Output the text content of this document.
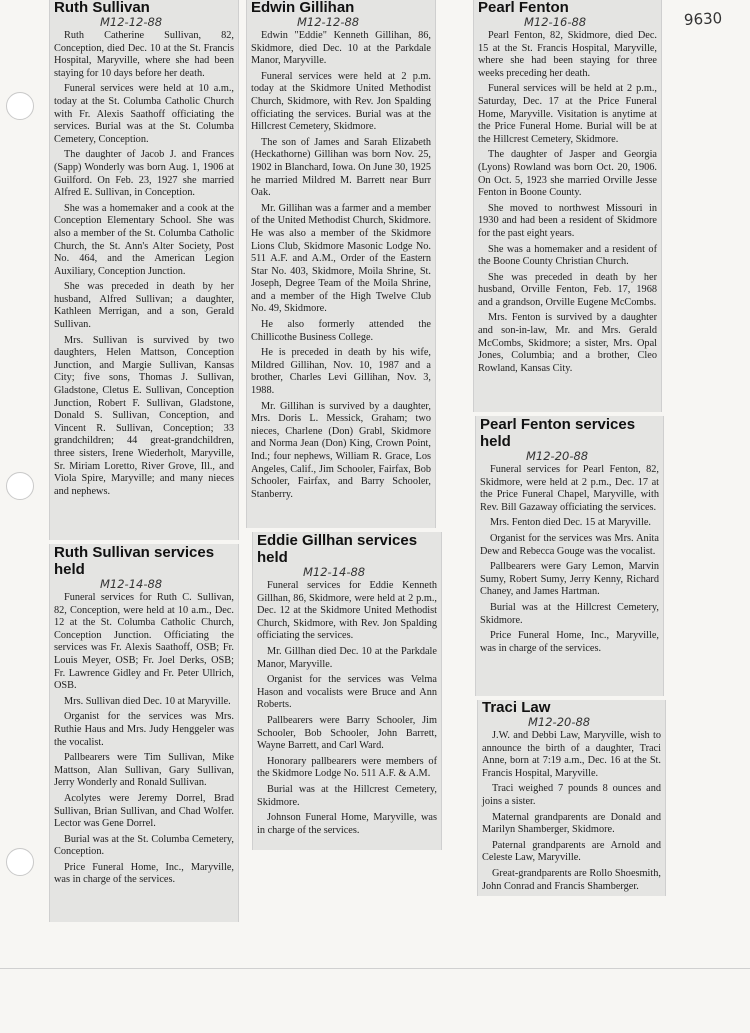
9630
Ruth Sullivan
M12-12-88

Ruth Catherine Sullivan, 82, Conception, died Dec. 10 at the St. Francis Hospital, Maryville, where she had been staying for 10 days before her death.

Funeral services were held at 10 a.m., today at the St. Columba Catholic Church with Fr. Alexis Saathoff officiating the services. Burial was at the St. Columba Cemetery, Conception.

The daughter of Jacob J. and Frances (Sapp) Wonderly was born Aug. 1, 1906 at Guilford. On Feb. 23, 1927 she married Alfred E. Sullivan, in Conception.

She was a homemaker and a cook at the Conception Elementary School. She was also a member of the St. Columba Catholic Church, the St. Ann's Alter Society, Post No. 464, and the American Legion Auxiliary, Conception Junction.

She was preceded in death by her husband, Alfred Sullivan; a daughter, Kathleen Merrigan, and a son, Gerald Sullivan.

Mrs. Sullivan is survived by two daughters, Helen Mattson, Conception Junction, and Margie Sullivan, Kansas City; five sons, Thomas J. Sullivan, Gladstone, Cletus E. Sullivan, Conception Junction, Robert F. Sullivan, Gladstone, Donald S. Sullivan, Conception, and Vincent R. Sullivan, Conception; 33 grandchildren; 44 great-grandchildren, three sisters, Irene Wiederholt, Maryville, Sr. Miriam Loretto, River Grove, Ill., and Viola Spire, Maryville; and many nieces and nephews.

Ruth Sullivan services held
M12-14-88

Funeral services for Ruth C. Sullivan, 82, Conception, were held at 10 a.m., Dec. 12 at the St. Columba Catholic Church, Conception Junction. Officiating the services was Fr. Alexis Saathoff, OSB; Fr. Louis Meyer, OSB; Fr. Joel Derks, OSB; Fr. Lawrence Gidley and Fr. Peter Ullrich, OSB.

Mrs. Sullivan died Dec. 10 at Maryville.

Organist for the services was Mrs. Ruthie Haus and Mrs. Judy Henggeler was the vocalist.

Pallbearers were Tim Sullivan, Mike Mattson, Alan Sullivan, Gary Sullivan, Jerry Wonderly and Ronald Sullivan.

Acolytes were Jeremy Dorrel, Brad Sullivan, Brian Sullivan, and Chad Wolfer. Lector was Gene Dorrel.

Burial was at the St. Columba Cemetery, Conception.

Price Funeral Home, Inc., Maryville, was in charge of the services.

Edwin Gillihan
M12-12-88

Edwin "Eddie" Kenneth Gillihan, 86, Skidmore, died Dec. 10 at the Parkdale Manor, Maryville.

Funeral services were held at 2 p.m. today at the Skidmore United Methodist Church, Skidmore, with Rev. Jon Spalding officiating the services. Burial was at the Hillcrest Cemetery, Skidmore.

The son of James and Sarah Elizabeth (Heckathorne) Gillihan was born Nov. 25, 1902 in Blanchard, Iowa. On June 30, 1925 he married Mildred M. Barrett near Burr Oak.

Mr. Gillihan was a farmer and a member of the United Methodist Church, Skidmore. He was also a member of the Skidmore Lions Club, Skidmore Masonic Lodge No. 511 A.F. and A.M., Order of the Eastern Star No. 403, Skidmore, Moila Shrine, St. Joseph, Degree Team of the Moila Shrine, and a member of the High Twelve Club No. 49, Skidmore.

He also formerly attended the Chillicothe Business College.

He is preceded in death by his wife, Mildred Gillihan, Nov. 10, 1987 and a brother, Charles Levi Gillihan, Nov. 3, 1988.

Mr. Gillihan is survived by a daughter, Mrs. Doris L. Messick, Graham; two nieces, Charlene (Don) Grabl, Skidmore and Norma Jean (Don) King, Crown Point, Ind.; four nephews, William R. Grace, Los Angeles, Calif., Jim Schooler, Fairfax, Bob Schooler, Fairfax, and Barry Schooler, Stanberry.

Eddie Gillhan services held
M12-14-88

Funeral services for Eddie Kenneth Gillhan, 86, Skidmore, were held at 2 p.m., Dec. 12 at the Skidmore United Methodist Church, Skidmore, with Rev. Jon Spalding officiating the services.

Mr. Gillhan died Dec. 10 at the Parkdale Manor, Maryville.

Organist for the services was Velma Hason and vocalists were Bruce and Ann Roberts.

Pallbearers were Barry Schooler, Jim Schooler, Bob Schooler, John Barrett, Wayne Barrett, and Carl Ward.

Honorary pallbearers were members of the Skidmore Lodge No. 511 A.F. & A.M.

Burial was at the Hillcrest Cemetery, Skidmore.

Johnson Funeral Home, Maryville, was in charge of the services.

Pearl Fenton
M12-16-88

Pearl Fenton, 82, Skidmore, died Dec. 15 at the St. Francis Hospital, Maryville, where she had been staying for three weeks preceding her death.

Funeral services will be held at 2 p.m., Saturday, Dec. 17 at the Price Funeral Home, Maryville. Visitation is anytime at the Price Funeral Home. Burial will be at the Hillcrest Cemetery, Skidmore.

The daughter of Jasper and Georgia (Lyons) Rowland was born Oct. 20, 1906. On Oct. 5, 1923 she married Orville Jesse Fenton in Boone County.

She moved to northwest Missouri in 1930 and had been a resident of Skidmore for the past eight years.

She was a homemaker and a resident of the Boone County Christian Church.

She was preceded in death by her husband, Orville Fenton, Feb. 17, 1968 and a grandson, Orville Eugene McCombs.

Mrs. Fenton is survived by a daughter and son-in-law, Mr. and Mrs. Gerald McCombs, Skidmore; a sister, Mrs. Opal Jones, Columbia; and a brother, Cleo Rowland, Kansas City.

Pearl Fenton services held
M12-20-88

Funeral services for Pearl Fenton, 82, Skidmore, were held at 2 p.m., Dec. 17 at the Price Funeral Chapel, Maryville, with Rev. Bill Gazaway officiating the services.

Mrs. Fenton died Dec. 15 at Maryville.

Organist for the services was Mrs. Anita Dew and Rebecca Gouge was the vocalist.

Pallbearers were Gary Lemon, Marvin Sumy, Robert Sumy, Jerry Kenny, Richard Chaney, and James Hartman.

Burial was at the Hillcrest Cemetery, Skidmore.

Price Funeral Home, Inc., Maryville, was in charge of the services.

Traci Law
M12-20-88

J.W. and Debbi Law, Maryville, wish to announce the birth of a daughter, Traci Anne, born at 7:19 a.m., Dec. 16 at the St. Francis Hospital, Maryville.

Traci weighed 7 pounds 8 ounces and joins a sister.

Maternal grandparents are Donald and Marilyn Shamberger, Skidmore.

Paternal grandparents are Arnold and Celeste Law, Maryville.

Great-grandparents are Rollo Shoesmith, John Conrad and Francis Shamberger.
